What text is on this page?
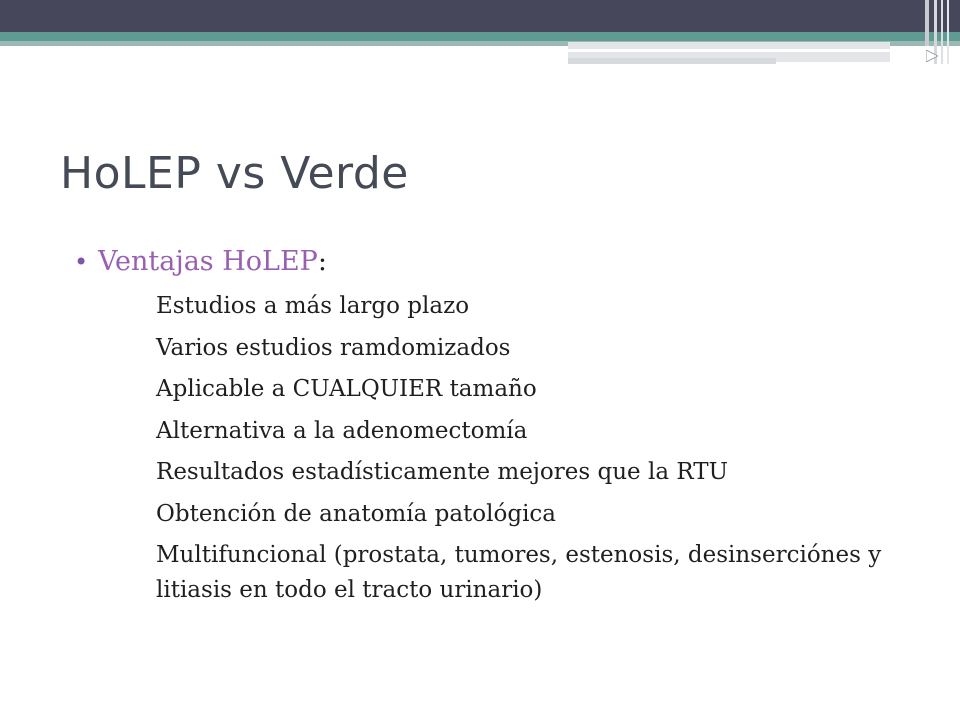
HoLEP vs Verde
• Ventajas HoLEP :
Estudios a más largo plazo
Varios estudios ramdomizados
Aplicable a CUALQUIER tamaño
Alternativa a la adenomectomía
Resultados estadísticamente mejores que la RTU
Obtención de anatomía patológica
Multifuncional (prostata, tumores, estenosis, desinserciónes y litiasis en todo el tracto urinario)
